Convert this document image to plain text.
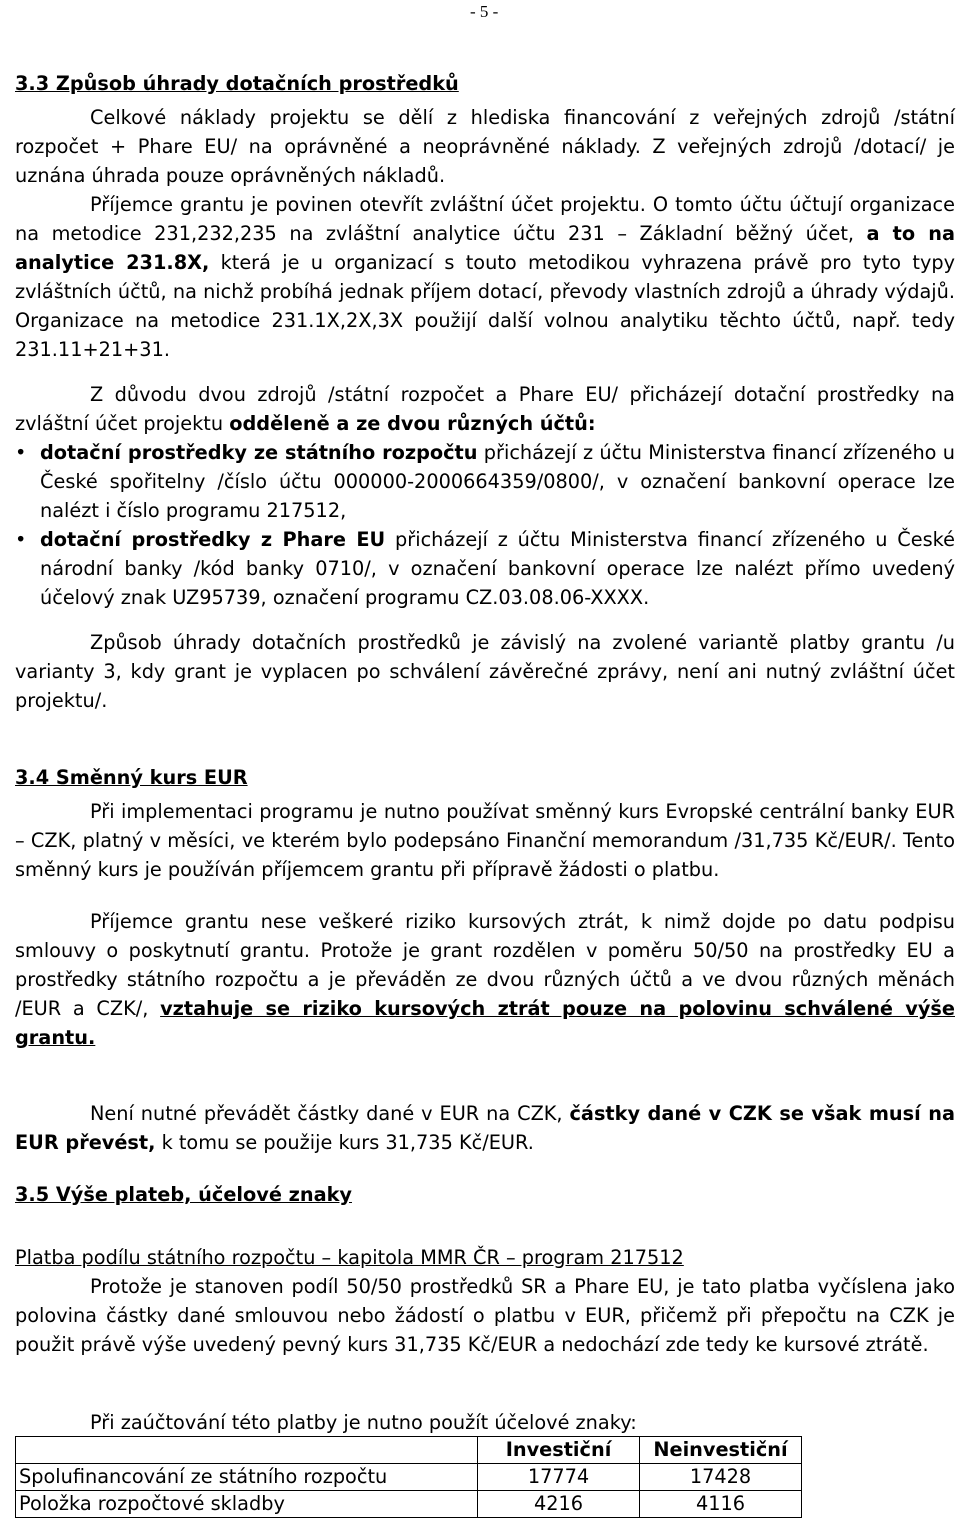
- 5 -
3.3 Způsob úhrady dotačních prostředků

Celkové náklady projektu se dělí z hlediska financování z veřejných zdrojů /státní rozpočet + Phare EU/ na oprávněné a neoprávněné náklady. Z veřejných zdrojů /dotací/ je uznána úhrada pouze oprávněných nákladů.

Příjemce grantu je povinen otevřít zvláštní účet projektu. O tomto účtu účtují organizace na metodice 231,232,235 na zvláštní analytice účtu 231 – Základní běžný účet, a to na analytice 231.8X, která je u organizací s touto metodikou vyhrazena právě pro tyto typy zvláštních účtů, na nichž probíhá jednak příjem dotací, převody vlastních zdrojů a úhrady výdajů. Organizace na metodice 231.1X,2X,3X použijí další volnou analytiku těchto účtů, např. tedy 231.11+21+31.

Z důvodu dvou zdrojů /státní rozpočet a Phare EU/ přicházejí dotační prostředky na zvláštní účet projektu odděleně a ze dvou různých účtů:

• dotační prostředky ze státního rozpočtu přicházejí z účtu Ministerstva financí zřízeného u České spořitelny /číslo účtu 000000-2000664359/0800/, v označení bankovní operace lze nalézt i číslo programu 217512,
• dotační prostředky z Phare EU přicházejí z účtu Ministerstva financí zřízeného u České národní banky /kód banky 0710/, v označení bankovní operace lze nalézt přímo uvedený účelový znak UZ95739, označení programu CZ.03.08.06-XXXX.

Způsob úhrady dotačních prostředků je závislý na zvolené variantě platby grantu /u varianty 3, kdy grant je vyplacen po schválení závěrečné zprávy, není ani nutný zvláštní účet projektu/.

3.4 Směnný kurs EUR

Při implementaci programu je nutno používat směnný kurs Evropské centrální banky EUR – CZK, platný v měsíci, ve kterém bylo podepsáno Finanční memorandum /31,735 Kč/EUR/. Tento směnný kurs je používán příjemcem grantu při přípravě žádosti o platbu.

Příjemce grantu nese veškeré riziko kursových ztrát, k nimž dojde po datu podpisu smlouvy o poskytnutí grantu. Protože je grant rozdělen v poměru 50/50 na prostředky EU a prostředky státního rozpočtu a je převáděn ze dvou různých účtů a ve dvou různých měnách /EUR a CZK/, vztahuje se riziko kursových ztrát pouze na polovinu schválené výše grantu.

Není nutné převádět částky dané v EUR na CZK, částky dané v CZK se však musí na EUR převést, k tomu se použije kurs 31,735 Kč/EUR.

3.5 Výše plateb, účelové znaky

Platba podílu státního rozpočtu – kapitola MMR ČR – program 217512

Protože je stanoven podíl 50/50 prostředků SR a Phare EU, je tato platba vyčíslena jako polovina částky dané smlouvou nebo žádostí o platbu v EUR, přičemž při přepočtu na CZK je použit právě výše uvedený pevný kurs 31,735 Kč/EUR a nedochází zde tedy ke kursové ztrátě.

Při zaúčtování této platby je nutno použít účelové znaky:

	Investiční	Neinvestiční
Spolufinancování ze státního rozpočtu	17774	17428
Položka rozpočtové skladby	4216	4116
